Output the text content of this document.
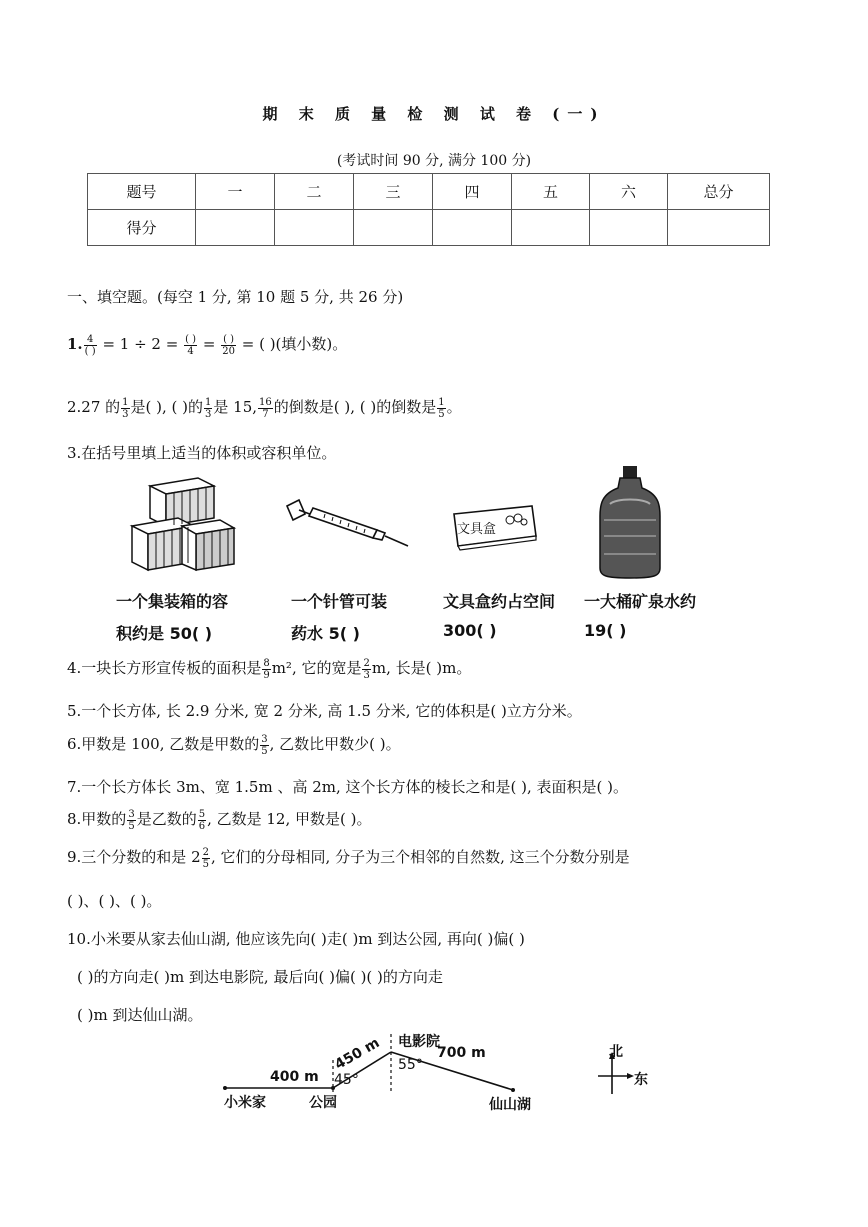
期 末 质 量 检 测 试 卷 (一)
(考试时间 90 分, 满分 100 分)
题号	一	二	三	四	五	六	总分
得分							
一、填空题。(每空 1 分, 第 10 题 5 分, 共 26 分)
1. $\frac{4}{( )} = 1 \div 2 = \frac{( )}{4} = \frac{( )}{20}$ = ( )(填小数)。
2.27 的 $\frac{1}{3}$ 是( ), ( )的 $\frac{1}{3}$ 是 15, $\frac{16}{7}$ 的倒数是( ), ( )的倒数是 $\frac{1}{5}$ 。
3.在括号里填上适当的体积或容积单位。
文具盒
一个集装箱的容
积约是 50( )
一个针管可装
药水 5( )
文具盒约占空间
300( )
一大桶矿泉水约
19( )
4.一块长方形宣传板的面积是 $\frac{8}{9} m^2$, 它的宽是 $\frac{2}{3} m$, 长是( )m。
5.一个长方体, 长 2.9 分米, 宽 2 分米, 高 1.5 分米, 它的体积是( )立方分米。
6.甲数是 100, 乙数是甲数的 $\frac{3}{5}$ , 乙数比甲数少( )。
7.一个长方体长 3m、宽 1.5m 、高 2m, 这个长方体的棱长之和是( ), 表面积是( )。
8.甲数的 $\frac{3}{5}$ 是乙数的 $\frac{5}{6}$ , 乙数是 12, 甲数是( )。
9.三个分数的和是 $2 \frac{2}{5}$ , 它们的分母相同, 分子为三个相邻的自然数, 这三个分数分别是
( )、( )、( )。
10.小米要从家去仙山湖, 他应该先向( )走( )m 到达公园, 再向( )偏( )
( )的方向走( )m 到达电影院, 最后向( )偏( )( )的方向走
( )m 到达仙山湖。
400 m
450 m	700 m
45°
55°
电影院
小米家	公园	仙山湖
北
东
